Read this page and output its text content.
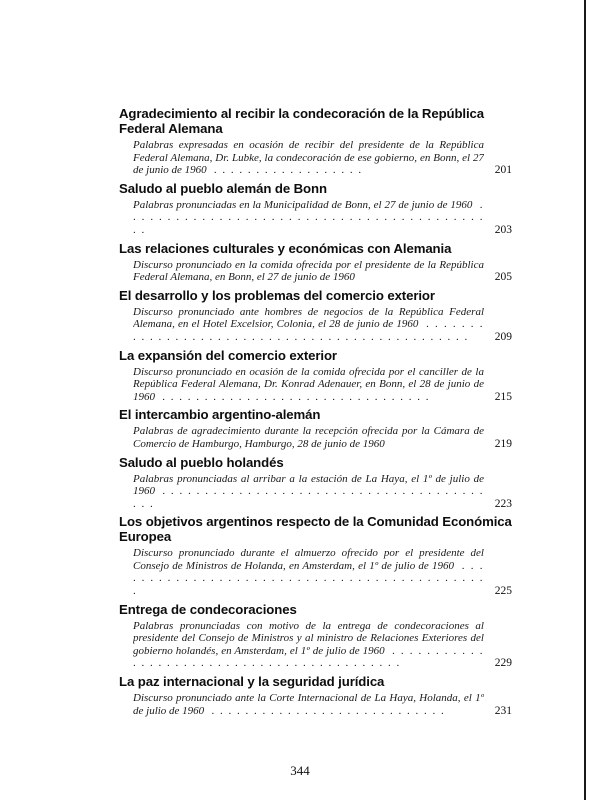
Agradecimiento al recibir la condecoración de la República Federal Alemana
Palabras expresadas en ocasión de recibir del presidente de la República Federal Alemana, Dr. Lubke, la condecoración de ese gobierno, en Bonn, el 27 de junio de 1960 . . . . . . . . . . . . . . . . . .	201
Saludo al pueblo alemán de Bonn
Palabras pronunciadas en la Municipalidad de Bonn, el 27 de junio de 1960 . . . . . . . . . . . . . . . . . . . . . . . . . . . . . . . . . . . . . . . . . . . .	203
Las relaciones culturales y económicas con Alemania
Discurso pronunciado en la comida ofrecida por el presidente de la República Federal Alemana, en Bonn, el 27 de junio de 1960	205
El desarrollo y los problemas del comercio exterior
Discurso pronunciado ante hombres de negocios de la República Federal Alemana, en el Hotel Excelsior, Colonia, el 28 de junio de 1960 . . . . . . . . . . . . . . . . . . . . . . . . . . . . . . . . . . . . . . . . . . . . . . .	209
La expansión del comercio exterior
Discurso pronunciado en ocasión de la comida ofrecida por el canciller de la República Federal Alemana, Dr. Konrad Adenauer, en Bonn, el 28 de junio de 1960 . . . . . . . . . . . . . . . . . . . . . . . . . . . . . . . .	215
El intercambio argentino-alemán
Palabras de agradecimiento durante la recepción ofrecida por la Cámara de Comercio de Hamburgo, Hamburgo, 28 de junio de 1960	219
Saludo al pueblo holandés
Palabras pronunciadas al arribar a la estación de La Haya, el 1º de julio de 1960 . . . . . . . . . . . . . . . . . . . . . . . . . . . . . . . . . . . . . . . . .	223
Los objetivos argentinos respecto de la Comunidad Económica Europea
Discurso pronunciado durante el almuerzo ofrecido por el presidente del Consejo de Ministros de Holanda, en Amsterdam, el 1º de julio de 1960 . . . . . . . . . . . . . . . . . . . . . . . . . . . . . . . . . . . . . . . . . . . . .	225
Entrega de condecoraciones
Palabras pronunciadas con motivo de la entrega de condecoraciones al presidente del Consejo de Ministros y al ministro de Relaciones Exteriores del gobierno holandés, en Amsterdam, el 1º de julio de 1960 . . . . . . . . . . . . . . . . . . . . . . . . . . . . . . . . . . . . . . . . . . .	229
La paz internacional y la seguridad jurídica
Discurso pronunciado ante la Corte Internacional de La Haya, Holanda, el 1º de julio de 1960 . . . . . . . . . . . . . . . . . . . . . . . . . . . .	231
344
